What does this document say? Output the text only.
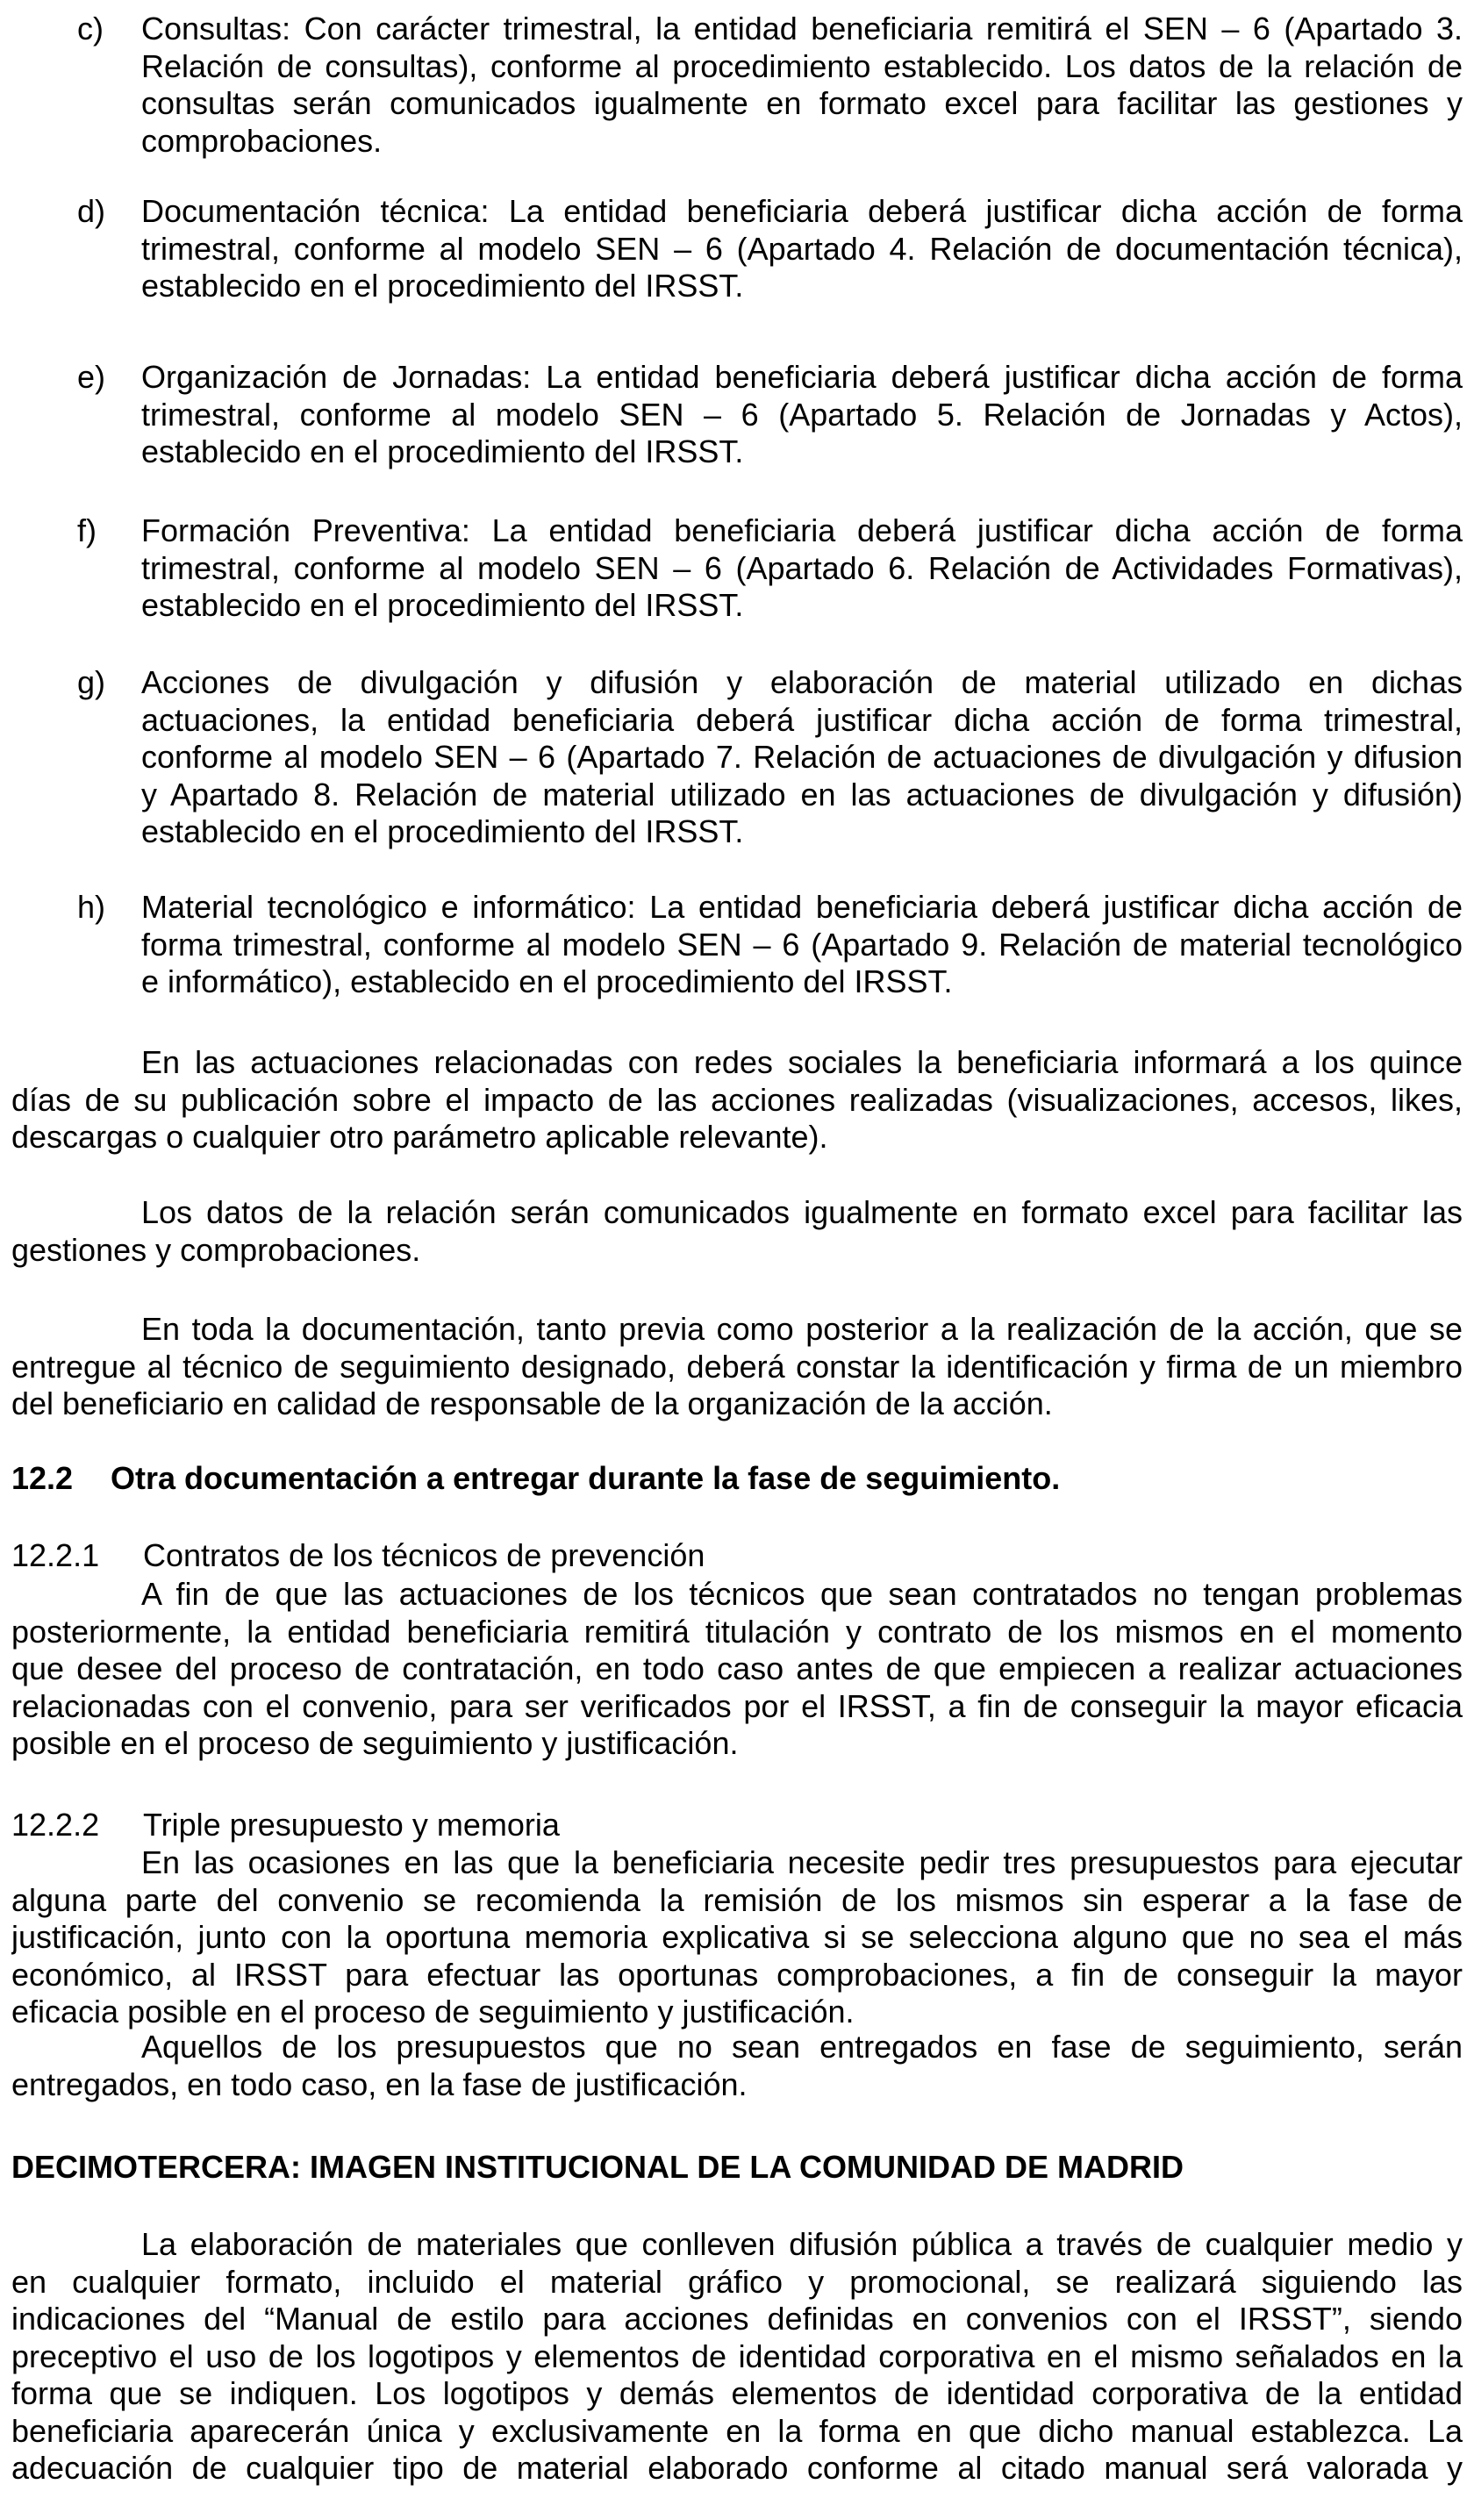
12.2 Otra documentación a entregar durante la fase de seguimiento.
12.2.1 Contratos de los técnicos de prevención
12.2.2 Triple presupuesto y memoria
DECIMOTERCERA: IMAGEN INSTITUCIONAL DE LA COMUNIDAD DE MADRID
c) Consultas: Con carácter trimestral, la entidad beneficiaria remitirá el SEN – 6 (Apartado 3.
Relación de consultas), conforme al procedimiento establecido. Los datos de la relación de
consultas serán comunicados igualmente en formato excel para facilitar las gestiones y
comprobaciones.
d) Documentación técnica: La entidad beneficiaria deberá justificar dicha acción de forma
trimestral, conforme al modelo SEN – 6 (Apartado 4. Relación de documentación técnica),
establecido en el procedimiento del IRSST.
e) Organización de Jornadas: La entidad beneficiaria deberá justificar dicha acción de forma
trimestral, conforme al modelo SEN – 6 (Apartado 5. Relación de Jornadas y Actos),
establecido en el procedimiento del IRSST.
f) Formación Preventiva: La entidad beneficiaria deberá justificar dicha acción de forma
trimestral, conforme al modelo SEN – 6 (Apartado 6. Relación de Actividades Formativas),
establecido en el procedimiento del IRSST.
g) Acciones de divulgación y difusión y elaboración de material utilizado en dichas
actuaciones, la entidad beneficiaria deberá justificar dicha acción de forma trimestral,
conforme al modelo SEN – 6 (Apartado 7. Relación de actuaciones de divulgación y difusion
y Apartado 8. Relación de material utilizado en las actuaciones de divulgación y difusión)
establecido en el procedimiento del IRSST.
h) Material tecnológico e informático: La entidad beneficiaria deberá justificar dicha acción de
forma trimestral, conforme al modelo SEN – 6 (Apartado 9. Relación de material tecnológico
e informático), establecido en el procedimiento del IRSST.
En las actuaciones relacionadas con redes sociales la beneficiaria informará a los quince
días de su publicación sobre el impacto de las acciones realizadas (visualizaciones, accesos, likes,
descargas o cualquier otro parámetro aplicable relevante).
Los datos de la relación serán comunicados igualmente en formato excel para facilitar las
gestiones y comprobaciones.
En toda la documentación, tanto previa como posterior a la realización de la acción, que se
entregue al técnico de seguimiento designado, deberá constar la identificación y firma de un miembro
del beneficiario en calidad de responsable de la organización de la acción.
A fin de que las actuaciones de los técnicos que sean contratados no tengan problemas
posteriormente, la entidad beneficiaria remitirá titulación y contrato de los mismos en el momento
que desee del proceso de contratación, en todo caso antes de que empiecen a realizar actuaciones
relacionadas con el convenio, para ser verificados por el IRSST, a fin de conseguir la mayor eficacia
posible en el proceso de seguimiento y justificación.
En las ocasiones en las que la beneficiaria necesite pedir tres presupuestos para ejecutar
alguna parte del convenio se recomienda la remisión de los mismos sin esperar a la fase de
justificación, junto con la oportuna memoria explicativa si se selecciona alguno que no sea el más
económico, al IRSST para efectuar las oportunas comprobaciones, a fin de conseguir la mayor
eficacia posible en el proceso de seguimiento y justificación.
Aquellos de los presupuestos que no sean entregados en fase de seguimiento, serán
entregados, en todo caso, en la fase de justificación.
La elaboración de materiales que conlleven difusión pública a través de cualquier medio y
en cualquier formato, incluido el material gráfico y promocional, se realizará siguiendo las
indicaciones del “Manual de estilo para acciones definidas en convenios con el IRSST”, siendo
preceptivo el uso de los logotipos y elementos de identidad corporativa en el mismo señalados en la
forma que se indiquen. Los logotipos y demás elementos de identidad corporativa de la entidad
beneficiaria aparecerán única y exclusivamente en la forma en que dicho manual establezca. La
adecuación de cualquier tipo de material elaborado conforme al citado manual será valorada y
